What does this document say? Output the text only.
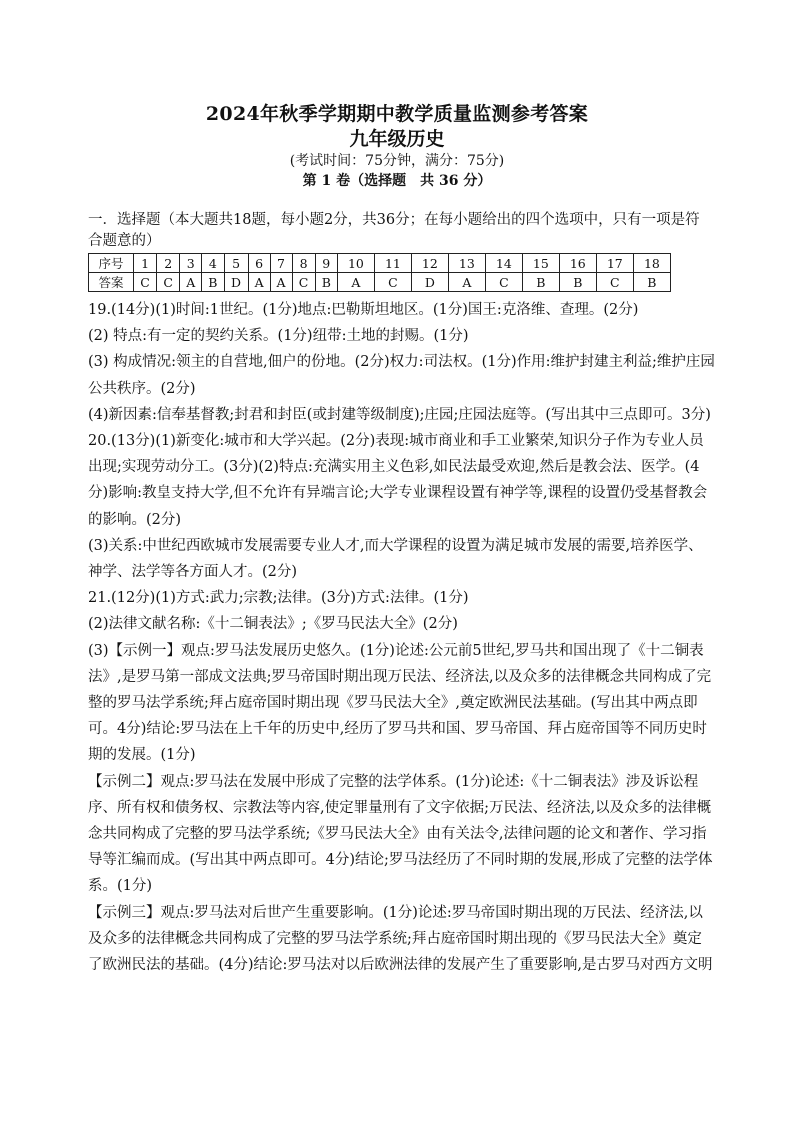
2024年秋季学期期中教学质量监测参考答案
九年级历史
(考试时间：75分钟，满分：75分)
第 1 卷（选择题　共 36 分）
一．选择题（本大题共18题，每小题2分，共36分；在每小题给出的四个选项中，只有一项是符合题意的）
序号	1	2	3	4	5	6	7	8	9	10	11	12	13	14	15	16	17	18
答案	C	C	A	B	D	A	A	C	B	A	C	D	A	C	B	B	C	B

19.(14分)(1)时间:1世纪。(1分)地点:巴勒斯坦地区。(1分)国王:克洛维、查理。(2分)

(2) 特点:有一定的契约关系。(1分)纽带:土地的封赐。(1分)

(3) 构成情况:领主的自营地,佃户的份地。(2分)权力:司法权。(1分)作用:维护封建主利益;维护庄园公共秩序。(2分)

(4)新因素:信奉基督教;封君和封臣(或封建等级制度);庄园;庄园法庭等。(写出其中三点即可。3分)

20.(13分)(1)新变化:城市和大学兴起。(2分)表现:城市商业和手工业繁荣,知识分子作为专业人员出现;实现劳动分工。(3分)(2)特点:充满实用主义色彩,如民法最受欢迎,然后是教会法、医学。(4分)影响:教皇支持大学,但不允许有异端言论;大学专业课程设置有神学等,课程的设置仍受基督教会的影响。(2分)

(3)关系:中世纪西欧城市发展需要专业人才,而大学课程的设置为满足城市发展的需要,培养医学、神学、法学等各方面人才。(2分)

21.(12分)(1)方式:武力;宗教;法律。(3分)方式:法律。(1分)

(2)法律文献名称:《十二铜表法》;《罗马民法大全》(2分)

(3)【示例一】观点:罗马法发展历史悠久。(1分)论述:公元前5世纪,罗马共和国出现了《十二铜表法》,是罗马第一部成文法典;罗马帝国时期出现万民法、经济法,以及众多的法律概念共同构成了完整的罗马法学系统;拜占庭帝国时期出现《罗马民法大全》,奠定欧洲民法基础。(写出其中两点即可。4分)结论:罗马法在上千年的历史中,经历了罗马共和国、罗马帝国、拜占庭帝国等不同历史时期的发展。(1分)

【示例二】观点:罗马法在发展中形成了完整的法学体系。(1分)论述:《十二铜表法》涉及诉讼程序、所有权和债务权、宗教法等内容,使定罪量刑有了文字依据;万民法、经济法,以及众多的法律概念共同构成了完整的罗马法学系统;《罗马民法大全》由有关法令,法律问题的论文和著作、学习指导等汇编而成。(写出其中两点即可。4分)结论;罗马法经历了不同时期的发展,形成了完整的法学体系。(1分)

【示例三】观点:罗马法对后世产生重要影响。(1分)论述:罗马帝国时期出现的万民法、经济法,以及众多的法律概念共同构成了完整的罗马法学系统;拜占庭帝国时期出现的《罗马民法大全》奠定了欧洲民法的基础。(4分)结论:罗马法对以后欧洲法律的发展产生了重要影响,是古罗马对西方文明
